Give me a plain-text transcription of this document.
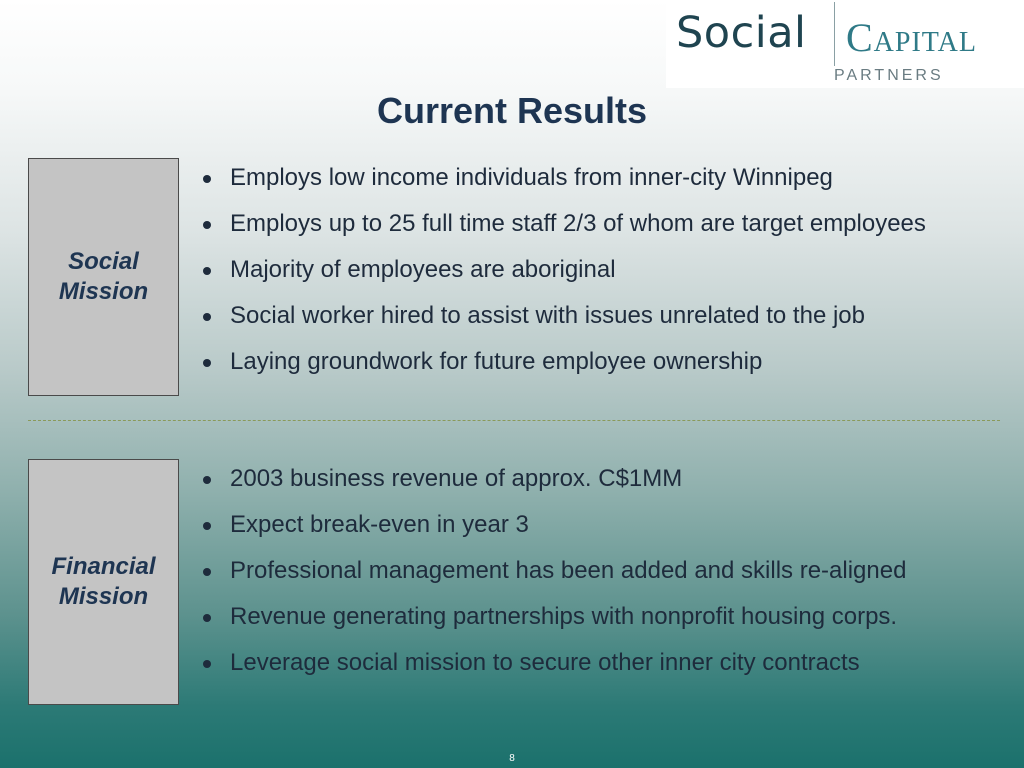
Social Capital
PARTNERS
Current Results
Social
Mission
Employs low income individuals from inner-city Winnipeg
Employs up to 25 full time staff 2/3 of whom are target employees
Majority of employees are aboriginal
Social worker hired to assist with issues unrelated to the job
Laying groundwork for future employee ownership
Financial
Mission
2003 business revenue of approx. C$1MM
Expect break-even in year 3
Professional management has been added and skills re-aligned
Revenue generating partnerships with nonprofit housing corps.
Leverage social mission to secure other inner city contracts
8
